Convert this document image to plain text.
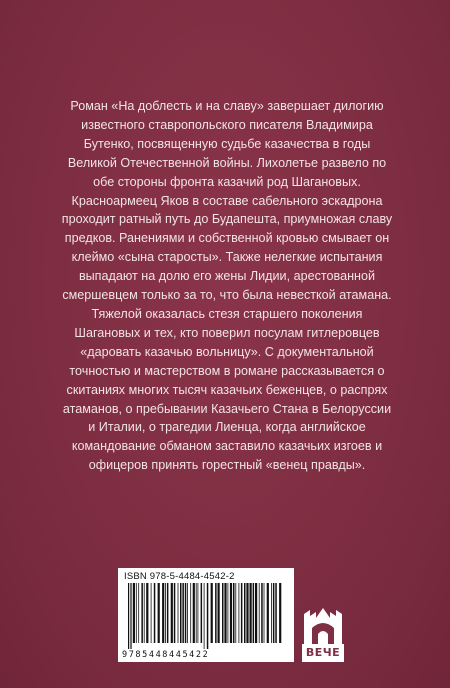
Роман «На доблесть и на славу» завершает дилогию известного ставропольского писателя Владимира Бутенко, посвященную судьбе казачества в годы Великой Отечественной войны. Лихолетье развело по обе стороны фронта казачий род Шагановых. Красноармеец Яков в составе сабельного эскадрона проходит ратный путь до Будапешта, приумножая славу предков. Ранениями и собственной кровью смывает он клеймо «сына старосты». Также нелегкие испытания выпадают на долю его жены Лидии, арестованной смершевцем только за то, что была невесткой атамана.

Тяжелой оказалась стезя старшего поколения Шагановых и тех, кто поверил посулам гитлеровцев «даровать казачью вольницу». С документальной точностью и мастерством в романе рассказывается о скитаниях многих тысяч казачьих беженцев, о распрях атаманов, о пребывании Казачьего Стана в Белоруссии и Италии, о трагедии Лиенца, когда английское командование обманом заставило казачьих изгоев и офицеров принять горестный «венец правды».

ISBN 978-5-4484-4542-2
9785448445422	ВЕЧЕ
